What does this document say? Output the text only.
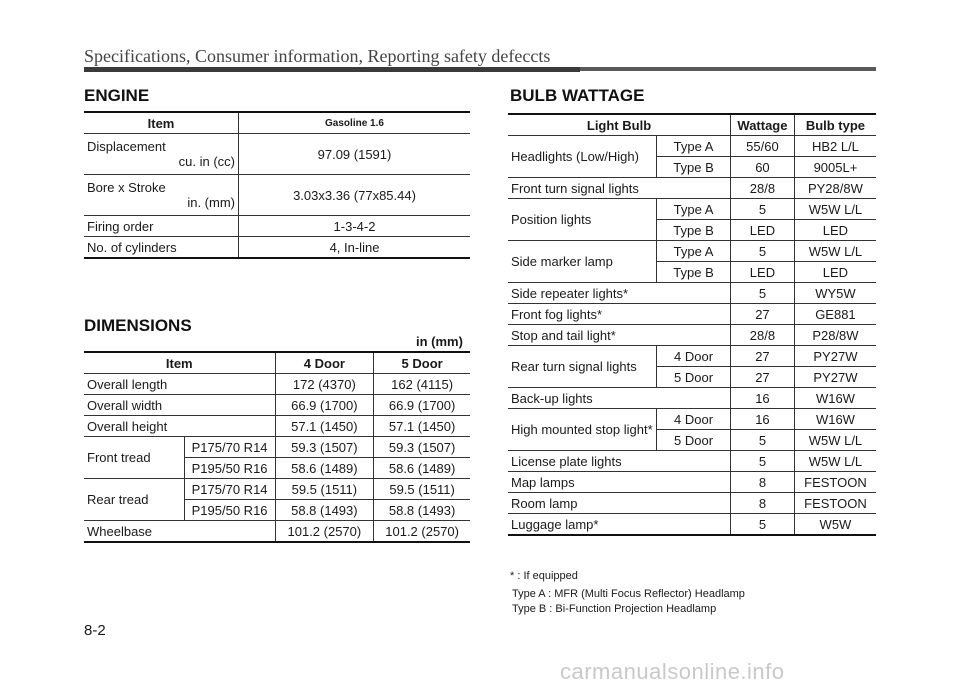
Specifications, Consumer information, Reporting safety defeccts
ENGINE
Item	Gasoline 1.6

Displacement
cu. in (cc)	97.09 (1591)

Bore x Stroke
in. (mm)	3.03x3.36 (77x85.44)
Firing order	1-3-4-2
No. of cylinders	4, In-line
DIMENSIONS
in (mm)
Item		4 Door	5 Door
Overall length		172 (4370)	162 (4115)
Overall width		66.9 (1700)	66.9 (1700)
Overall height		57.1 (1450)	57.1 (1450)
Front tread	P175/70 R14	59.3 (1507)	59.3 (1507)
	P195/50 R16	58.6 (1489)	58.6 (1489)
Rear tread	P175/70 R14	59.5 (1511)	59.5 (1511)
	P195/50 R16	58.8 (1493)	58.8 (1493)
Wheelbase		101.2 (2570)	101.2 (2570)
BULB WATTAGE
Light Bulb		Wattage	Bulb type
Headlights (Low/High)	Type A	55/60	HB2 L/L
	Type B	60	9005L+
Front turn signal lights		28/8	PY28/8W
Position lights	Type A	5	W5W L/L
	Type B	LED	LED
Side marker lamp	Type A	5	W5W L/L
	Type B	LED	LED
Side repeater lights*		5	WY5W
Front fog lights*		27	GE881
Stop and tail light*		28/8	P28/8W
Rear turn signal lights	4 Door	27	PY27W
	5 Door	27	PY27W
Back-up lights		16	W16W
High mounted stop light*	4 Door	16	W16W
	5 Door	5	W5W L/L
License plate lights		5	W5W L/L
Map lamps		8	FESTOON
Room lamp		8	FESTOON
Luggage lamp*		5	W5W
* : If equipped
Type A : MFR (Multi Focus Reflector) Headlamp
Type B : Bi-Function Projection Headlamp
8-2
carmanualsonline.info
